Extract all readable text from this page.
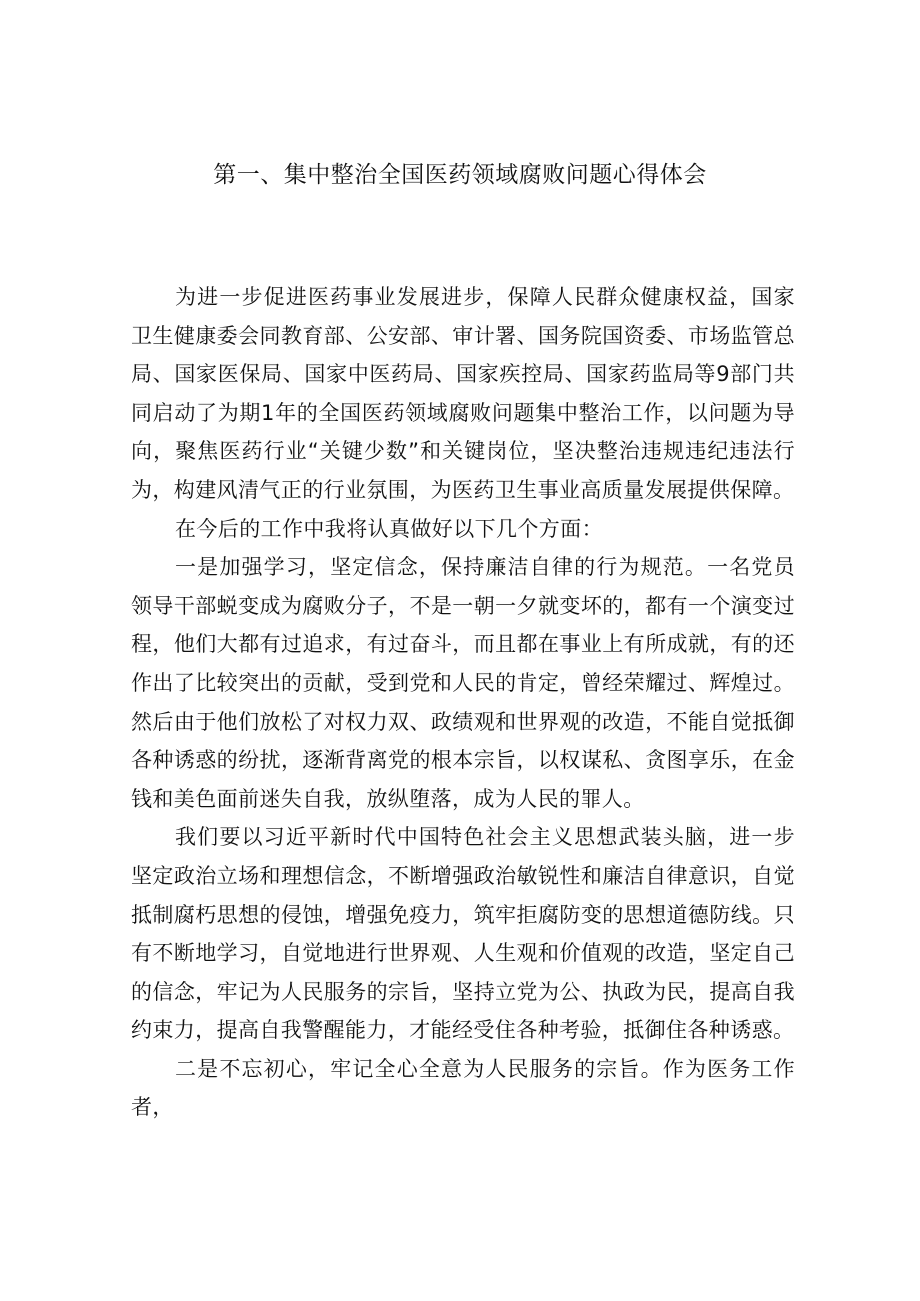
第一、集中整治全国医药领域腐败问题心得体会

为进一步促进医药事业发展进步，保障人民群众健康权益，国家卫生健康委会同教育部、公安部、审计署、国务院国资委、市场监管总局、国家医保局、国家中医药局、国家疾控局、国家药监局等9部门共同启动了为期1年的全国医药领域腐败问题集中整治工作，以问题为导向，聚焦医药行业“关键少数”和关键岗位，坚决整治违规违纪违法行为，构建风清气正的行业氛围，为医药卫生事业高质量发展提供保障。

在今后的工作中我将认真做好以下几个方面：

一是加强学习，坚定信念，保持廉洁自律的行为规范。一名党员领导干部蜕变成为腐败分子，不是一朝一夕就变坏的，都有一个演变过程，他们大都有过追求，有过奋斗，而且都在事业上有所成就，有的还作出了比较突出的贡献，受到党和人民的肯定，曾经荣耀过、辉煌过。然后由于他们放松了对权力双、政绩观和世界观的改造，不能自觉抵御各种诱惑的纷扰，逐渐背离党的根本宗旨，以权谋私、贪图享乐，在金钱和美色面前迷失自我，放纵堕落，成为人民的罪人。

我们要以习近平新时代中国特色社会主义思想武装头脑，进一步坚定政治立场和理想信念，不断增强政治敏锐性和廉洁自律意识，自觉抵制腐朽思想的侵蚀，增强免疫力，筑牢拒腐防变的思想道德防线。只有不断地学习，自觉地进行世界观、人生观和价值观的改造，坚定自己的信念，牢记为人民服务的宗旨，坚持立党为公、执政为民，提高自我约束力，提高自我警醒能力，才能经受住各种考验，抵御住各种诱惑。

二是不忘初心，牢记全心全意为人民服务的宗旨。作为医务工作者，
